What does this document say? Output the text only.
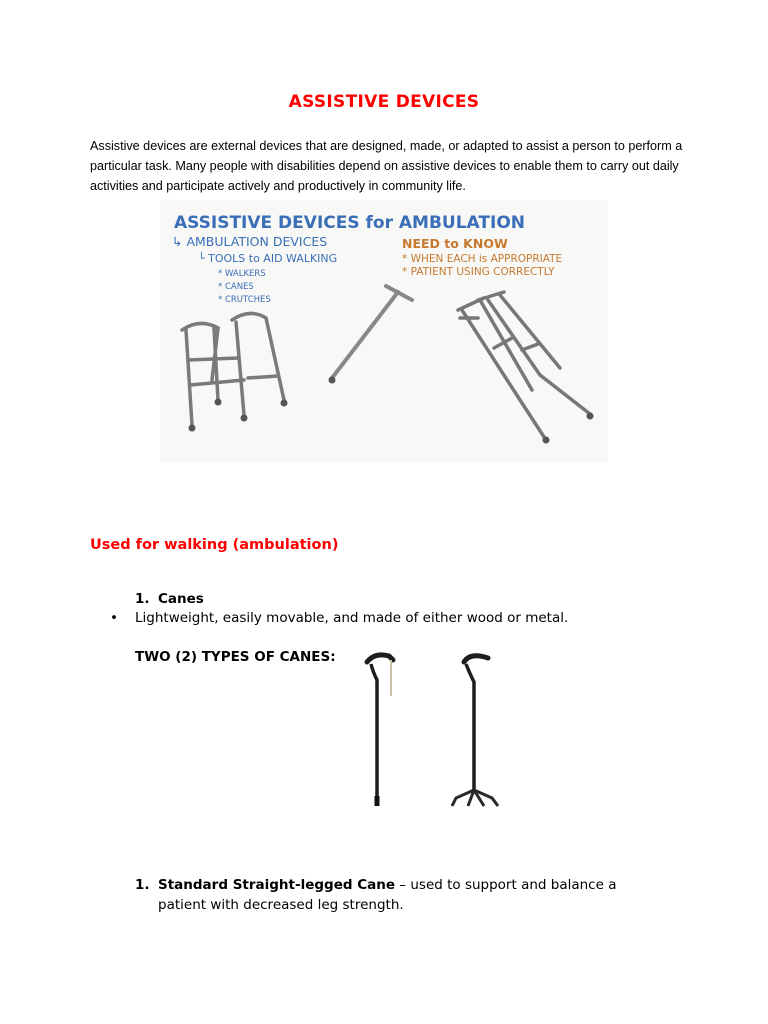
ASSISTIVE DEVICES
Assistive devices are external devices that are designed, made, or adapted to assist a person to perform a particular task. Many people with disabilities depend on assistive devices to enable them to carry out daily activities and participate actively and productively in community life.
ASSISTIVE DEVICES for AMBULATION
↳ AMBULATION DEVICES
└ TOOLS to AID WALKING
* WALKERS
* CANES
* CRUTCHES
NEED to KNOW
* WHEN EACH is APPROPRIATE
* PATIENT USING CORRECTLY
Used for walking (ambulation)
1. Canes
• Lightweight, easily movable, and made of either wood or metal.
TWO (2) TYPES OF CANES:
1. Standard Straight-legged Cane – used to support and balance a
patient with decreased leg strength.
